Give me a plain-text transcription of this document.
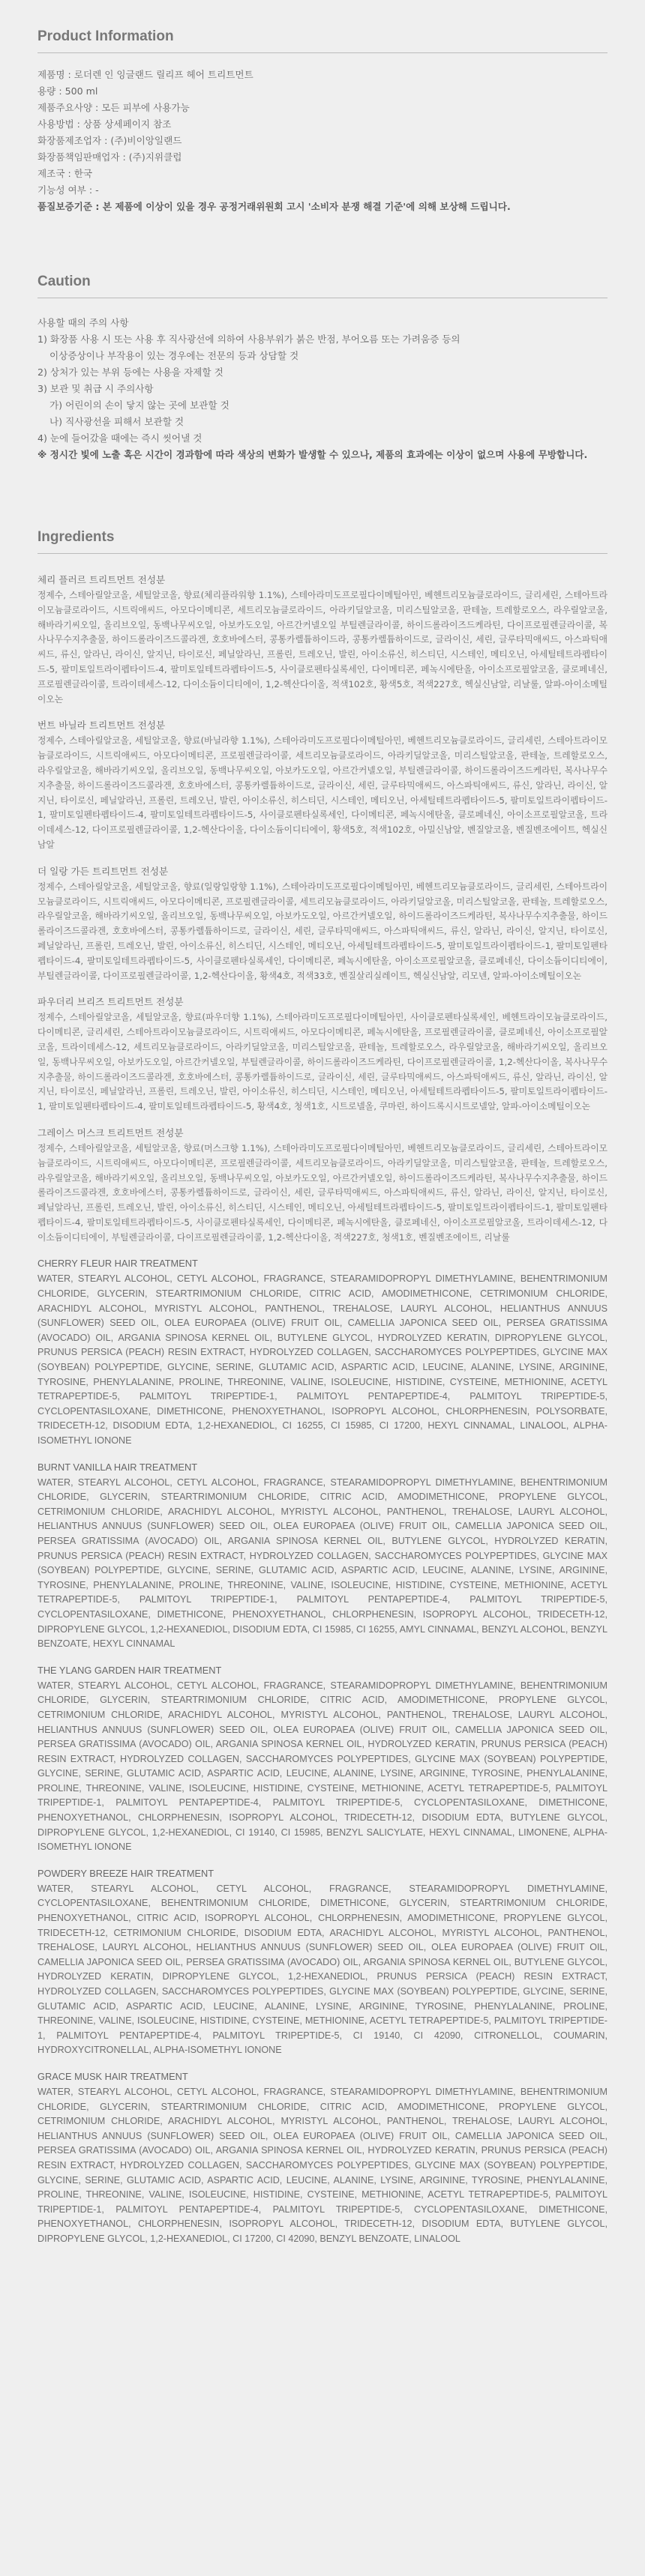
Product Information
제품명 : 로더렌 인 잉글랜드 릴리프 헤어 트리트먼트
용량 : 500 ml
제품주요사양 : 모든 피부에 사용가능
사용방법 : 상품 상세페이지 참조
화장품제조업자 : (주)비이앙일랜드
화장품책임판매업자 : (주)지위클럽
제조국 : 한국
기능성 여부 : -
품질보증기준 : 본 제품에 이상이 있을 경우 공정거래위원회 고시 '소비자 분쟁 해결 기준'에 의해 보상해 드립니다.
Caution
사용할 때의 주의 사항
1) 화장품 사용 시 또는 사용 후 직사광선에 의하여 사용부위가 붉은 반점, 부어오름 또는 가려움증 등의
이상증상이나 부작용이 있는 경우에는 전문의 등과 상담할 것
2) 상처가 있는 부위 등에는 사용을 자제할 것
3) 보관 및 취급 시 주의사항
가) 어린이의 손이 닿지 않는 곳에 보관할 것
나) 직사광선을 피해서 보관할 것
4) 눈에 들어갔을 때에는 즉시 씻어낼 것
※ 정시간 빛에 노출 혹은 시간이 경과함에 따라 색상의 변화가 발생할 수 있으나, 제품의 효과에는 이상이 없으며 사용에 무방합니다.
Ingredients
체리 플러르 트리트먼트 전성분
정제수, 스테아릴알코올, 세틸알코올, 향료(체리플라워향 1.1%), 스테아라미도프로필다이메틸아민, 베헨트리모늄클로라이드, 글리세린, 스테아트라이모늄클로라이드, 시트릭애씨드, 아모다이메티콘, 세트리모늄클로라이드, 아라키딜알코올, 미리스틸알코올, 판테놀, 트레할로오스, 라우릴알코올, 해바라기씨오일, 올리브오일, 동백나무씨오일, 아보카도오일, 아르간커넬오일 부틸렌글라이콜, 하이드롤라이즈드케라틴, 다이프로필렌글라이콜, 복사나무수지추출물, 하이드롤라이즈드콜라겐, 호호바에스터, 콩통카렐튬하이드라, 콩통카렐튬하이드로, 글라이신, 세린, 글루타믹애씨드, 아스파틱애씨드, 류신, 알라닌, 라이신, 알지닌, 타이로신, 페닐알라닌, 프롤린, 트레오닌, 발린, 아이소류신, 히스티딘, 시스테인, 메티오닌, 아세틸테트라펩타이드-5, 팔미토일트라이펩타이드-4, 팔미토일테트라펩타이드-5, 사이클로펜타실록세인, 다이메티콘, 페녹시에탄올, 아이소프로필알코올, 클로페네신, 프로필렌글라이콜, 트라이데세스-12, 다이소듐이디티에이, 1,2-헥산다이올, 적색102호, 황색5호, 적색227호, 헥실신남알, 리날룰, 알파-아이소메틸이오논
번트 바닐라 트리트먼트 전성분
정제수, 스테아릴알코올, 세틸알코올, 향료(바닐라향 1.1%), 스테아라미도프로필다이메틸아민, 베헨트리모늄클로라이드, 글리세린, 스테아트라이모늄클로라이드, 시트릭애씨드, 아모다이메티콘, 프로필렌글라이콜, 세트리모늄클로라이드, 아라키딜알코올, 미리스틸알코올, 판테놀, 트레할로오스, 라우릴알코올, 해바라기씨오일, 올리브오일, 동백나무씨오일, 아보카도오일, 아르간커넬오일, 부틸렌글라이콜, 하이드롤라이즈드케라틴, 복사나무수지추출물, 하이드롤라이즈드콜라겐, 호호바에스터, 콩통카렐튬하이드로, 글라이신, 세린, 글루타믹애씨드, 아스파틱애씨드, 류신, 알라닌, 라이신, 알지닌, 타이로신, 페닐알라닌, 프롤린, 트레오닌, 발린, 아이소류신, 히스티딘, 시스테인, 메티오닌, 아세틸테트라펩타이드-5, 팔미토일트라이펩타이드-1, 팔미토일펜타펩타이드-4, 팔미토일테트라펩타이드-5, 사이클로펜타실록세인, 다이메티콘, 페녹시에탄올, 클로페네신, 아이소프로필알코올, 트라이데세스-12, 다이프로필렌글라이콜, 1,2-헥산다이올, 다이소듐이디티에이, 황색5호, 적색102호, 아밀신남알, 벤질알코올, 벤질벤조에이트, 헥실신남알
더 일랑 가든 트리트먼트 전성분
정제수, 스테아릴알코올, 세틸알코올, 향료(일랑일랑향 1.1%), 스테아라미도프로필다이메틸아민, 베헨트리모늄클로라이드, 글리세린, 스테아트라이모늄클로라이드, 시트릭애씨드, 아모다이메티콘, 프로필렌글라이콜, 세트리모늄클로라이드, 아라키딜알코올, 미리스틸알코올, 판테놀, 트레할로오스, 라우릴알코올, 해바라기씨오일, 올리브오일, 동백나무씨오일, 아보카도오일, 아르간커넬오일, 하이드롤라이즈드케라틴, 복사나무수지추출물, 하이드롤라이즈드콜라겐, 호호바에스터, 콩통카렐튬하이드로, 글라이신, 세린, 글루타믹애씨드, 아스파틱애씨드, 류신, 알라닌, 라이신, 알지닌, 타이로신, 페닐알라닌, 프롤린, 트레오닌, 발린, 아이소류신, 히스티딘, 시스테인, 메티오닌, 아세틸테트라펩타이드-5, 팔미토일트라이펩타이드-1, 팔미토일펜타펩타이드-4, 팔미토일테트라펩타이드-5, 사이클로펜타실록세인, 다이메티콘, 페녹시에탄올, 아이소프로필알코올, 클로페네신, 다이소듐이디티에이, 부틸렌글라이콜, 다이프로필렌글라이콜, 1,2-헥산다이올, 황색4호, 적색33호, 벤질살리실레이트, 헥실신남알, 리모넨, 알파-아이소메틸이오논
파우더리 브리즈 트리트먼트 전성분
정제수, 스테아릴알코올, 세틸알코올, 향료(파우더향 1.1%), 스테아라미도프로필다이메틸아민, 사이클로펜타실록세인, 베헨트라이모늄클로라이드, 다이메티콘, 글리세린, 스테아트라이모늄클로라이드, 시트릭애씨드, 아모다이메티콘, 페녹시에탄올, 프로필렌글라이콜, 클로페네신, 아이소프로필알코올, 트라이데세스-12, 세트리모늄클로라이드, 아라키딜알코올, 미리스틸알코올, 판테놀, 트레할로오스, 라우릴알코올, 해바라기씨오일, 올리브오일, 동백나무씨오일, 아보카도오일, 아르간커넬오일, 부틸렌글라이콜, 하이드롤라이즈드케라틴, 다이프로필렌글라이콜, 1,2-헥산다이올, 복사나무수지추출물, 하이드롤라이즈드콜라겐, 호호바에스터, 콩통카렐튬하이드로, 글라이신, 세린, 글루타믹애씨드, 아스파틱애씨드, 류신, 알라닌, 라이신, 알지닌, 타이로신, 페닐알라닌, 프롤린, 트레오닌, 발린, 아이소류신, 히스티딘, 시스테인, 메티오닌, 아세틸테트라펩타이드-5, 팔미토일트라이펩타이드-1, 팔미토일펜타펩타이드-4, 팔미토일테트라펩타이드-5, 황색4호, 청색1호, 시트로넬올, 쿠마린, 하이드록시시트로넬알, 알파-아이소메틸이오논
그레이스 머스크 트리트먼트 전성분
정제수, 스테아릴알코올, 세틸알코올, 향료(머스크향 1.1%), 스테아라미도프로필다이메틸아민, 베헨트리모늄클로라이드, 글리세린, 스테아트라이모늄클로라이드, 시트릭애씨드, 아모다이메티콘, 프로필렌글라이콜, 세트리모늄클로라이드, 아라키딜알코올, 미리스틸알코올, 판테놀, 트레할로오스, 라우릴알코올, 해바라기씨오일, 올리브오일, 동백나무씨오일, 아보카도오일, 아르간커넬오일, 하이드롤라이즈드케라틴, 복사나무수지추출물, 하이드롤라이즈드콜라겐, 호호바에스터, 콩통카렐튬하이드로, 글라이신, 세린, 글루타믹애씨드, 아스파틱애씨드, 류신, 알라닌, 라이신, 알지닌, 타이로신, 페닐알라닌, 프롤린, 트레오닌, 발린, 아이소류신, 히스티딘, 시스테인, 메티오닌, 아세틸테트라펩타이드-5, 팔미토일트라이펩타이드-1, 팔미토일펜타펩타이드-4, 팔미토일테트라펩타이드-5, 사이클로펜타실록세인, 다이메티콘, 페녹시에탄올, 클로페네신, 아이소프로필알코올, 트라이데세스-12, 다이소듐이디티에이, 부틸렌글라이콜, 다이프로필렌글라이콜, 1,2-헥산다이올, 적색227호, 청색1호, 벤질벤조에이트, 리날룰
CHERRY FLEUR HAIR TREATMENT
WATER, STEARYL ALCOHOL, CETYL ALCOHOL, FRAGRANCE, STEARAMIDOPROPYL DIMETHYLAMINE, BEHENTRIMONIUM CHLORIDE, GLYCERIN, STEARTRIMONIUM CHLORIDE, CITRIC ACID, AMODIMETHICONE, CETRIMONIUM CHLORIDE, ARACHIDYL ALCOHOL, MYRISTYL ALCOHOL, PANTHENOL, TREHALOSE, LAURYL ALCOHOL, HELIANTHUS ANNUUS (SUNFLOWER) SEED OIL, OLEA EUROPAEA (OLIVE) FRUIT OIL, CAMELLIA JAPONICA SEED OIL, PERSEA GRATISSIMA (AVOCADO) OIL, ARGANIA SPINOSA KERNEL OIL, BUTYLENE GLYCOL, HYDROLYZED KERATIN, DIPROPYLENE GLYCOL, PRUNUS PERSICA (PEACH) RESIN EXTRACT, HYDROLYZED COLLAGEN, SACCHAROMYCES POLYPEPTIDES, GLYCINE MAX (SOYBEAN) POLYPEPTIDE, GLYCINE, SERINE, GLUTAMIC ACID, ASPARTIC ACID, LEUCINE, ALANINE, LYSINE, ARGININE, TYROSINE, PHENYLALANINE, PROLINE, THREONINE, VALINE, ISOLEUCINE, HISTIDINE, CYSTEINE, METHIONINE, ACETYL TETRAPEPTIDE-5, PALMITOYL TRIPEPTIDE-1, PALMITOYL PENTAPEPTIDE-4, PALMITOYL TRIPEPTIDE-5, CYCLOPENTASILOXANE, DIMETHICONE, PHENOXYETHANOL, ISOPROPYL ALCOHOL, CHLORPHENESIN, POLYSORBATE, TRIDECETH-12, DISODIUM EDTA, 1,2-HEXANEDIOL, CI 16255, CI 15985, CI 17200, HEXYL CINNAMAL, LINALOOL, ALPHA-ISOMETHYL IONONE
BURNT VANILLA HAIR TREATMENT
WATER, STEARYL ALCOHOL, CETYL ALCOHOL, FRAGRANCE, STEARAMIDOPROPYL DIMETHYLAMINE, BEHENTRIMONIUM CHLORIDE, GLYCERIN, STEARTRIMONIUM CHLORIDE, CITRIC ACID, AMODIMETHICONE, PROPYLENE GLYCOL, CETRIMONIUM CHLORIDE, ARACHIDYL ALCOHOL, MYRISTYL ALCOHOL, PANTHENOL, TREHALOSE, LAURYL ALCOHOL, HELIANTHUS ANNUUS (SUNFLOWER) SEED OIL, OLEA EUROPAEA (OLIVE) FRUIT OIL, CAMELLIA JAPONICA SEED OIL, PERSEA GRATISSIMA (AVOCADO) OIL, ARGANIA SPINOSA KERNEL OIL, BUTYLENE GLYCOL, HYDROLYZED KERATIN, PRUNUS PERSICA (PEACH) RESIN EXTRACT, HYDROLYZED COLLAGEN, SACCHAROMYCES POLYPEPTIDES, GLYCINE MAX (SOYBEAN) POLYPEPTIDE, GLYCINE, SERINE, GLUTAMIC ACID, ASPARTIC ACID, LEUCINE, ALANINE, LYSINE, ARGININE, TYROSINE, PHENYLALANINE, PROLINE, THREONINE, VALINE, ISOLEUCINE, HISTIDINE, CYSTEINE, METHIONINE, ACETYL TETRAPEPTIDE-5, PALMITOYL TRIPEPTIDE-1, PALMITOYL PENTAPEPTIDE-4, PALMITOYL TRIPEPTIDE-5, CYCLOPENTASILOXANE, DIMETHICONE, PHENOXYETHANOL, CHLORPHENESIN, ISOPROPYL ALCOHOL, TRIDECETH-12, DIPROPYLENE GLYCOL, 1,2-HEXANEDIOL, DISODIUM EDTA, CI 15985, CI 16255, AMYL CINNAMAL, BENZYL ALCOHOL, BENZYL BENZOATE, HEXYL CINNAMAL
THE YLANG GARDEN HAIR TREATMENT
WATER, STEARYL ALCOHOL, CETYL ALCOHOL, FRAGRANCE, STEARAMIDOPROPYL DIMETHYLAMINE, BEHENTRIMONIUM CHLORIDE, GLYCERIN, STEARTRIMONIUM CHLORIDE, CITRIC ACID, AMODIMETHICONE, PROPYLENE GLYCOL, CETRIMONIUM CHLORIDE, ARACHIDYL ALCOHOL, MYRISTYL ALCOHOL, PANTHENOL, TREHALOSE, LAURYL ALCOHOL, HELIANTHUS ANNUUS (SUNFLOWER) SEED OIL, OLEA EUROPAEA (OLIVE) FRUIT OIL, CAMELLIA JAPONICA SEED OIL, PERSEA GRATISSIMA (AVOCADO) OIL, ARGANIA SPINOSA KERNEL OIL, HYDROLYZED KERATIN, PRUNUS PERSICA (PEACH) RESIN EXTRACT, HYDROLYZED COLLAGEN, SACCHAROMYCES POLYPEPTIDES, GLYCINE MAX (SOYBEAN) POLYPEPTIDE, GLYCINE, SERINE, GLUTAMIC ACID, ASPARTIC ACID, LEUCINE, ALANINE, LYSINE, ARGININE, TYROSINE, PHENYLALANINE, PROLINE, THREONINE, VALINE, ISOLEUCINE, HISTIDINE, CYSTEINE, METHIONINE, ACETYL TETRAPEPTIDE-5, PALMITOYL TRIPEPTIDE-1, PALMITOYL PENTAPEPTIDE-4, PALMITOYL TRIPEPTIDE-5, CYCLOPENTASILOXANE, DIMETHICONE, PHENOXYETHANOL, CHLORPHENESIN, ISOPROPYL ALCOHOL, TRIDECETH-12, DISODIUM EDTA, BUTYLENE GLYCOL, DIPROPYLENE GLYCOL, 1,2-HEXANEDIOL, CI 19140, CI 15985, BENZYL SALICYLATE, HEXYL CINNAMAL, LIMONENE, ALPHA-ISOMETHYL IONONE
POWDERY BREEZE HAIR TREATMENT
WATER, STEARYL ALCOHOL, CETYL ALCOHOL, FRAGRANCE, STEARAMIDOPROPYL DIMETHYLAMINE, CYCLOPENTASILOXANE, BEHENTRIMONIUM CHLORIDE, DIMETHICONE, GLYCERIN, STEARTRIMONIUM CHLORIDE, PHENOXYETHANOL, CITRIC ACID, ISOPROPYL ALCOHOL, CHLORPHENESIN, AMODIMETHICONE, PROPYLENE GLYCOL, TRIDECETH-12, CETRIMONIUM CHLORIDE, DISODIUM EDTA, ARACHIDYL ALCOHOL, MYRISTYL ALCOHOL, PANTHENOL, TREHALOSE, LAURYL ALCOHOL, HELIANTHUS ANNUUS (SUNFLOWER) SEED OIL, OLEA EUROPAEA (OLIVE) FRUIT OIL, CAMELLIA JAPONICA SEED OIL, PERSEA GRATISSIMA (AVOCADO) OIL, ARGANIA SPINOSA KERNEL OIL, BUTYLENE GLYCOL, HYDROLYZED KERATIN, DIPROPYLENE GLYCOL, 1,2-HEXANEDIOL, PRUNUS PERSICA (PEACH) RESIN EXTRACT, HYDROLYZED COLLAGEN, SACCHAROMYCES POLYPEPTIDES, GLYCINE MAX (SOYBEAN) POLYPEPTIDE, GLYCINE, SERINE, GLUTAMIC ACID, ASPARTIC ACID, LEUCINE, ALANINE, LYSINE, ARGININE, TYROSINE, PHENYLALANINE, PROLINE, THREONINE, VALINE, ISOLEUCINE, HISTIDINE, CYSTEINE, METHIONINE, ACETYL TETRAPEPTIDE-5, PALMITOYL TRIPEPTIDE-1, PALMITOYL PENTAPEPTIDE-4, PALMITOYL TRIPEPTIDE-5, CI 19140, CI 42090, CITRONELLOL, COUMARIN, HYDROXYCITRONELLAL, ALPHA-ISOMETHYL IONONE
GRACE MUSK HAIR TREATMENT
WATER, STEARYL ALCOHOL, CETYL ALCOHOL, FRAGRANCE, STEARAMIDOPROPYL DIMETHYLAMINE, BEHENTRIMONIUM CHLORIDE, GLYCERIN, STEARTRIMONIUM CHLORIDE, CITRIC ACID, AMODIMETHICONE, PROPYLENE GLYCOL, CETRIMONIUM CHLORIDE, ARACHIDYL ALCOHOL, MYRISTYL ALCOHOL, PANTHENOL, TREHALOSE, LAURYL ALCOHOL, HELIANTHUS ANNUUS (SUNFLOWER) SEED OIL, OLEA EUROPAEA (OLIVE) FRUIT OIL, CAMELLIA JAPONICA SEED OIL, PERSEA GRATISSIMA (AVOCADO) OIL, ARGANIA SPINOSA KERNEL OIL, HYDROLYZED KERATIN, PRUNUS PERSICA (PEACH) RESIN EXTRACT, HYDROLYZED COLLAGEN, SACCHAROMYCES POLYPEPTIDES, GLYCINE MAX (SOYBEAN) POLYPEPTIDE, GLYCINE, SERINE, GLUTAMIC ACID, ASPARTIC ACID, LEUCINE, ALANINE, LYSINE, ARGININE, TYROSINE, PHENYLALANINE, PROLINE, THREONINE, VALINE, ISOLEUCINE, HISTIDINE, CYSTEINE, METHIONINE, ACETYL TETRAPEPTIDE-5, PALMITOYL TRIPEPTIDE-1, PALMITOYL PENTAPEPTIDE-4, PALMITOYL TRIPEPTIDE-5, CYCLOPENTASILOXANE, DIMETHICONE, PHENOXYETHANOL, CHLORPHENESIN, ISOPROPYL ALCOHOL, TRIDECETH-12, DISODIUM EDTA, BUTYLENE GLYCOL, DIPROPYLENE GLYCOL, 1,2-HEXANEDIOL, CI 17200, CI 42090, BENZYL BENZOATE, LINALOOL
